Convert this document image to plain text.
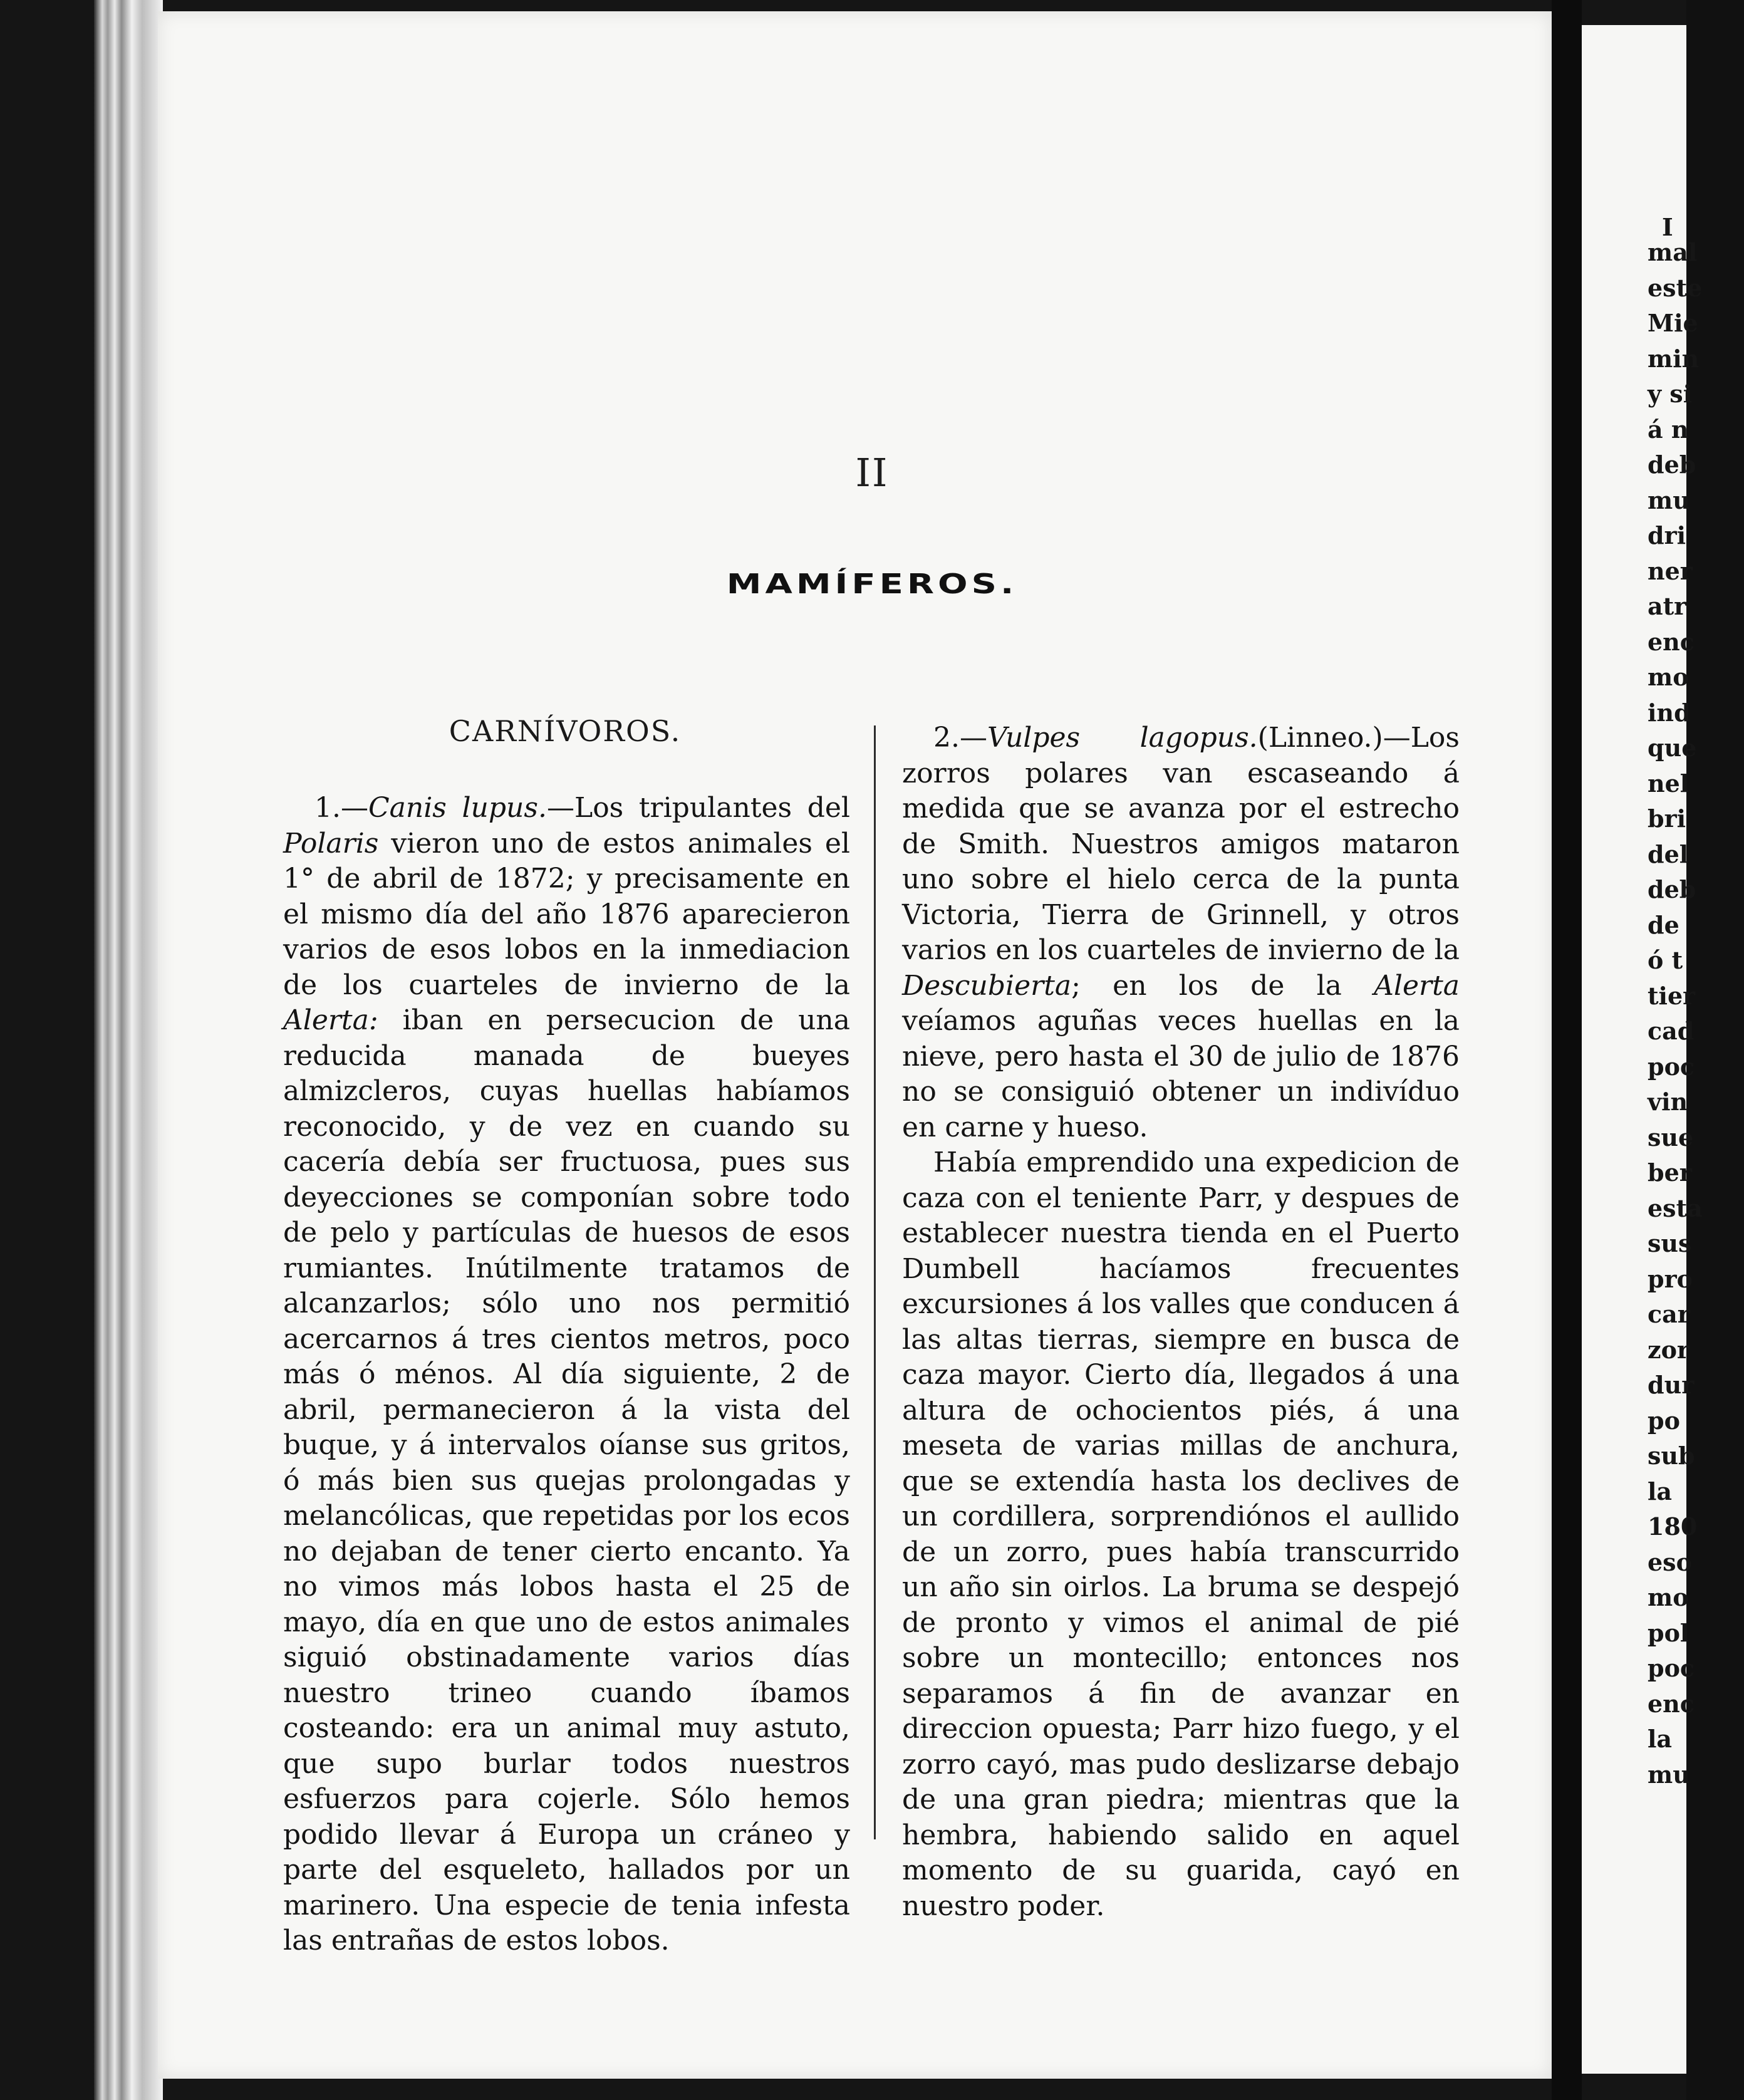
I
mal
este
Mie
min
y si
á n
deb
mu
dri
ner
atr
enc
mo
ind
que
nel
bri
del
deb
de
ó t
tier
cad
poc
vin
sue
ber
esta
sus
pro
car
zor
dur
po
sub
la
180
eso
mo
pol
poc
enc
la
mu
II
MAMÍFEROS.
CARNÍVOROS.

1.—Canis lupus.—Los tripulantes del Polaris vieron uno de estos animales el 1° de abril de 1872; y precisamente en el mismo día del año 1876 aparecieron varios de esos lobos en la inmediacion de los cuarteles de invierno de la Alerta: iban en persecucion de una reducida manada de bueyes almizcleros, cuyas huellas habíamos reconocido, y de vez en cuando su cacería debía ser fructuosa, pues sus deyecciones se componían sobre todo de pelo y partículas de huesos de esos rumiantes. Inútilmente tratamos de alcanzarlos; sólo uno nos permitió acercarnos á tres cientos metros, poco más ó ménos. Al día siguiente, 2 de abril, permanecieron á la vista del buque, y á intervalos oíanse sus gritos, ó más bien sus quejas prolongadas y melancólicas, que repetidas por los ecos no dejaban de tener cierto encanto. Ya no vimos más lobos hasta el 25 de mayo, día en que uno de estos animales siguió obstinadamente varios días nuestro trineo cuando íbamos costeando: era un animal muy astuto, que supo burlar todos nuestros esfuerzos para cojerle. Sólo hemos podido llevar á Europa un cráneo y parte del esqueleto, hallados por un marinero. Una especie de tenia infesta las entrañas de estos lobos.

2.—Vulpes lagopus.(Linneo.)—Los zorros polares van escaseando á medida que se avanza por el estrecho de Smith. Nuestros amigos mataron uno sobre el hielo cerca de la punta Victoria, Tierra de Grinnell, y otros varios en los cuarteles de invierno de la Descubierta; en los de la Alerta veíamos aguñas veces huellas en la nieve, pero hasta el 30 de julio de 1876 no se consiguió obtener un indivíduo en carne y hueso.

Había emprendido una expedicion de caza con el teniente Parr, y despues de establecer nuestra tienda en el Puerto Dumbell hacíamos frecuentes excursiones á los valles que conducen á las altas tierras, siempre en busca de caza mayor. Cierto día, llegados á una altura de ochocientos piés, á una meseta de varias millas de anchura, que se extendía hasta los declives de un cordillera, sorprendiónos el aullido de un zorro, pues había transcurrido un año sin oirlos. La bruma se despejó de pronto y vimos el animal de pié sobre un montecillo; entonces nos separamos á fin de avanzar en direccion opuesta; Parr hizo fuego, y el zorro cayó, mas pudo deslizarse debajo de una gran piedra; mientras que la hembra, habiendo salido en aquel momento de su guarida, cayó en nuestro poder.
